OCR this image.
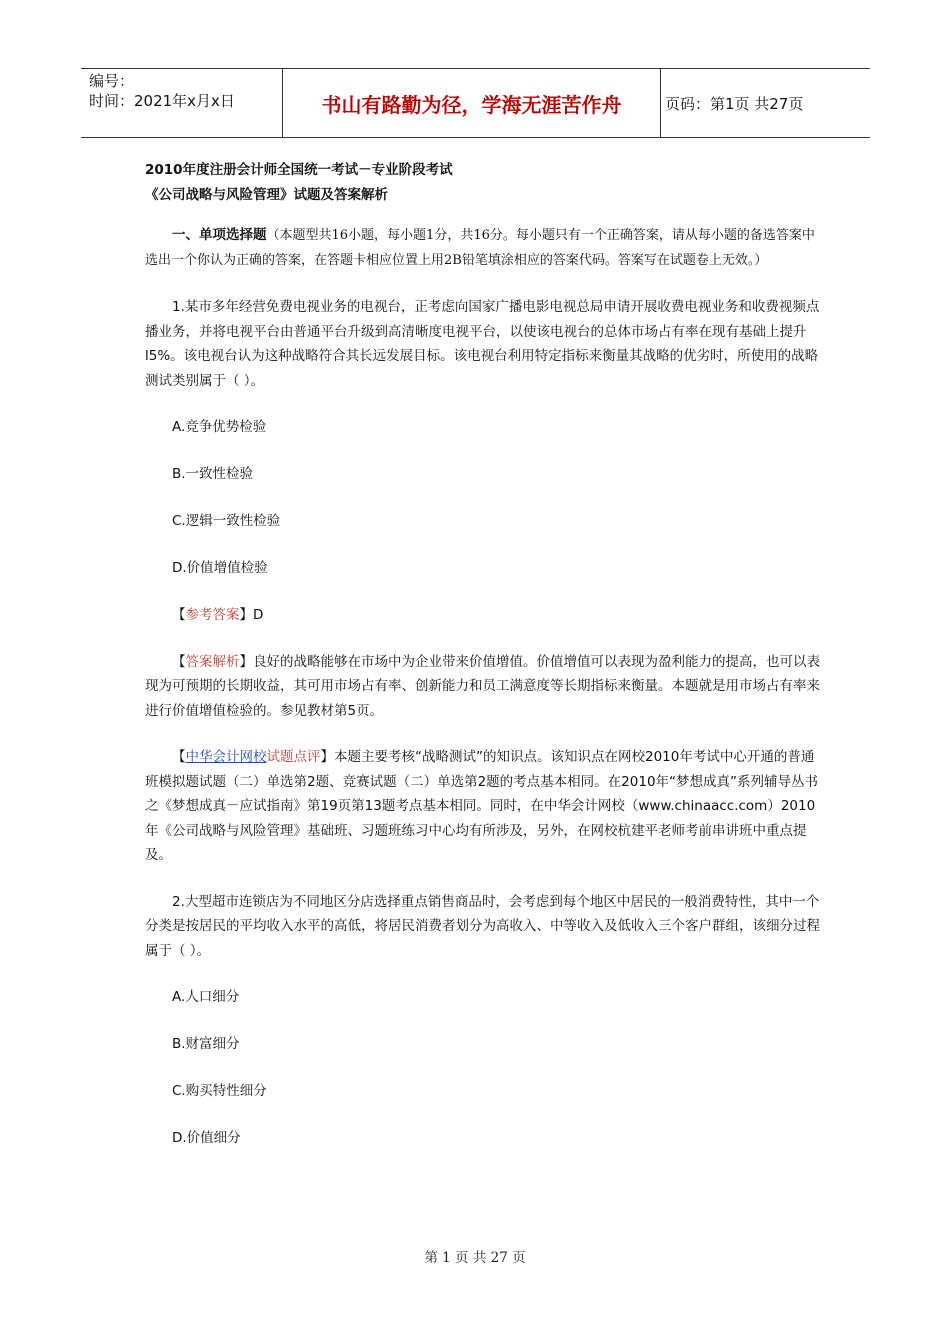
编号：
时间：2021年x月x日	书山有路勤为径，学海无涯苦作舟	页码：第1页 共27页
2010年度注册会计师全国统一考试－专业阶段考试
《公司战略与风险管理》试题及答案解析
一、单项选择题（本题型共16小题，每小题1分，共16分。每小题只有一个正确答案，请从每小题的备选答案中选出一个你认为正确的答案，在答题卡相应位置上用2B铅笔填涂相应的答案代码。答案写在试题卷上无效。）
1.某市多年经营免费电视业务的电视台，正考虑向国家广播电影电视总局申请开展收费电视业务和收费视频点播业务，并将电视平台由普通平台升级到高清晰度电视平台，以使该电视台的总体市场占有率在现有基础上提升l5%。该电视台认为这种战略符合其长远发展目标。该电视台利用特定指标来衡量其战略的优劣时，所使用的战略测试类别属于（ ）。
A.竞争优势检验
B.一致性检验
C.逻辑一致性检验
D.价值增值检验
【参考答案】D
【答案解析】良好的战略能够在市场中为企业带来价值增值。价值增值可以表现为盈利能力的提高，也可以表现为可预期的长期收益，其可用市场占有率、创新能力和员工满意度等长期指标来衡量。本题就是用市场占有率来进行价值增值检验的。参见教材第5页。
【中华会计网校试题点评】本题主要考核“战略测试”的知识点。该知识点在网校2010年考试中心开通的普通班模拟题试题（二）单选第2题、竞赛试题（二）单选第2题的考点基本相同。在2010年“梦想成真”系列辅导丛书之《梦想成真－应试指南》第19页第13题考点基本相同。同时，在中华会计网校（www.chinaacc.com）2010年《公司战略与风险管理》基础班、习题班练习中心均有所涉及，另外，在网校杭建平老师考前串讲班中重点提及。
2.大型超市连锁店为不同地区分店选择重点销售商品时，会考虑到每个地区中居民的一般消费特性，其中一个分类是按居民的平均收入水平的高低，将居民消费者划分为高收入、中等收入及低收入三个客户群组，该细分过程属于（ ）。
A.人口细分
B.财富细分
C.购买特性细分
D.价值细分
第 1 页 共 27 页
